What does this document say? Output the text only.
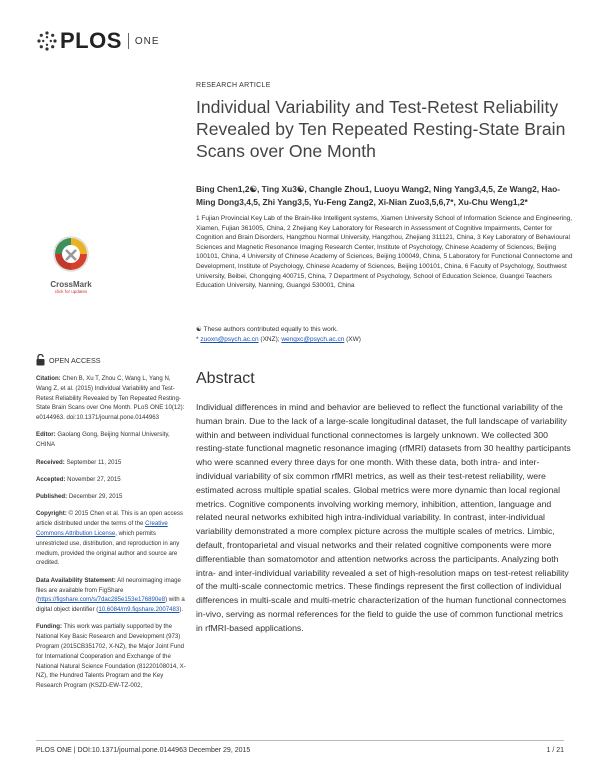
PLOS ONE
RESEARCH ARTICLE
Individual Variability and Test-Retest Reliability Revealed by Ten Repeated Resting-State Brain Scans over One Month
Bing Chen1,2☯, Ting Xu3☯, Changle Zhou1, Luoyu Wang2, Ning Yang3,4,5, Ze Wang2, Hao-Ming Dong3,4,5, Zhi Yang3,5, Yu-Feng Zang2, Xi-Nian Zuo3,5,6,7*, Xu-Chu Weng1,2*
1 Fujian Provincial Key Lab of the Brain-like Intelligent systems, Xiamen University School of Information Science and Engineering, Xiamen, Fujian 361005, China, 2 Zhejiang Key Laboratory for Research in Assessment of Cognitive Impairments, Center for Cognition and Brain Disorders, Hangzhou Normal University, Hangzhou, Zhejiang 311121, China, 3 Key Laboratory of Behavioural Sciences and Magnetic Resonance Imaging Research Center, Institute of Psychology, Chinese Academy of Sciences, Beijing 100101, China, 4 University of Chinese Academy of Sciences, Beijing 100049, China, 5 Laboratory for Functional Connectome and Development, Institute of Psychology, Chinese Academy of Sciences, Beijing 100101, China, 6 Faculty of Psychology, Southwest University, Beibei, Chongqing 400715, China, 7 Department of Psychology, School of Education Science, Guangxi Teachers Education University, Nanning, Guangxi 530001, China
☯ These authors contributed equally to this work.
* zuoxn@psych.ac.cn (XNZ); wengxc@psych.ac.cn (XW)
Abstract
Individual differences in mind and behavior are believed to reflect the functional variability of the human brain. Due to the lack of a large-scale longitudinal dataset, the full landscape of variability within and between individual functional connectomes is largely unknown. We collected 300 resting-state functional magnetic resonance imaging (rfMRI) datasets from 30 healthy participants who were scanned every three days for one month. With these data, both intra- and inter-individual variability of six common rfMRI metrics, as well as their test-retest reliability, were estimated across multiple spatial scales. Global metrics were more dynamic than local regional metrics. Cognitive components involving working memory, inhibition, attention, language and related neural networks exhibited high intra-individual variability. In contrast, inter-individual variability demonstrated a more complex picture across the multiple scales of metrics. Limbic, default, frontoparietal and visual networks and their related cognitive components were more differentiable than somatomotor and attention networks across the participants. Analyzing both intra- and inter-individual variability revealed a set of high-resolution maps on test-retest reliability of the multi-scale connectomic metrics. These findings represent the first collection of individual differences in multi-scale and multi-metric characterization of the human functional connectomes in-vivo, serving as normal references for the field to guide the use of common functional metrics in rfMRI-based applications.
CrossMark
click for updates
OPEN ACCESS

Citation: Chen B, Xu T, Zhou C, Wang L, Yang N, Wang Z, et al. (2015) Individual Variability and Test-Retest Reliability Revealed by Ten Repeated Resting-State Brain Scans over One Month. PLoS ONE 10(12): e0144963. doi:10.1371/journal.pone.0144963

Editor: Gaolang Gong, Beijing Normal University, CHINA

Received: September 11, 2015

Accepted: November 27, 2015

Published: December 29, 2015

Copyright: © 2015 Chen et al. This is an open access article distributed under the terms of the Creative Commons Attribution License, which permits unrestricted use, distribution, and reproduction in any medium, provided the original author and source are credited.

Data Availability Statement: All neuroimaging image files are available from FigShare (https://figshare.com/s/7dac285e153e176890e8) with a digital object identifier (10.6084/m9.figshare.2007483).

Funding: This work was partially supported by the National Key Basic Research and Development (973) Program (2015CB351702, X-NZ), the Major Joint Fund for International Cooperation and Exchange of the National Natural Science Foundation (81220108014, X-NZ), the Hundred Talents Program and the Key Research Program (KSZD-EW-TZ-002,

PLOS ONE | DOI:10.1371/journal.pone.0144963 December 29, 2015	1 / 21
